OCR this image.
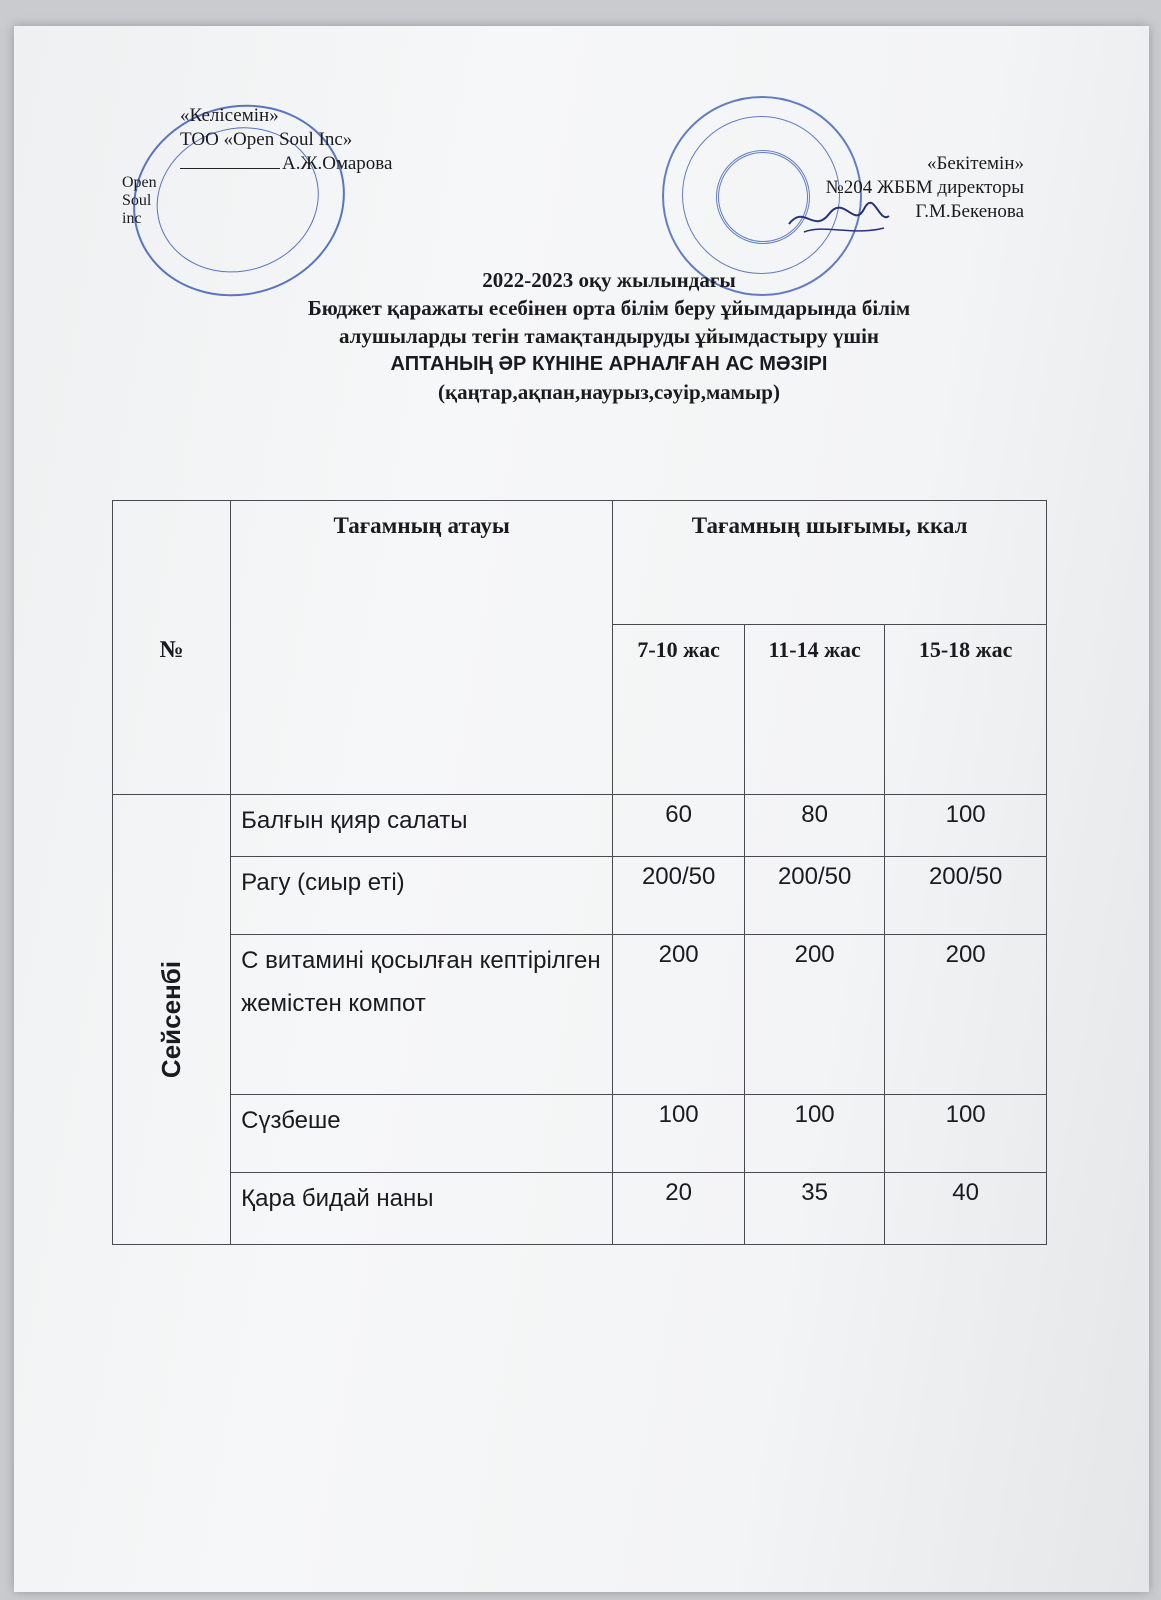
«Келісемін»
ТОО «Open Soul Inc»
А.Ж.Омарова
Open Soul inc
«Бекітемін»
№204 ЖББМ директоры
Г.М.Бекенова
2022-2023 оқу жылындағы
Бюджет қаражаты есебінен орта білім беру ұйымдарында білім
алушыларды тегін тамақтандыруды ұйымдастыру үшін
АПТАНЫҢ ӘР КҮНІНЕ АРНАЛҒАН АС МӘЗІРІ
(қаңтар,ақпан,наурыз,сәуір,мамыр)
№	Тағамның атауы	Тағамның шығымы, ккал		
		7-10 жас	11-14 жас	15-18 жас
Сейсенбі	Балғын қияр салаты	60	80	100
	Рагу (сиыр еті)	200/50	200/50	200/50
	С витамині қосылған кептірілген жемістен компот	200	200	200
	Сүзбеше	100	100	100
	Қара бидай наны	20	35	40
